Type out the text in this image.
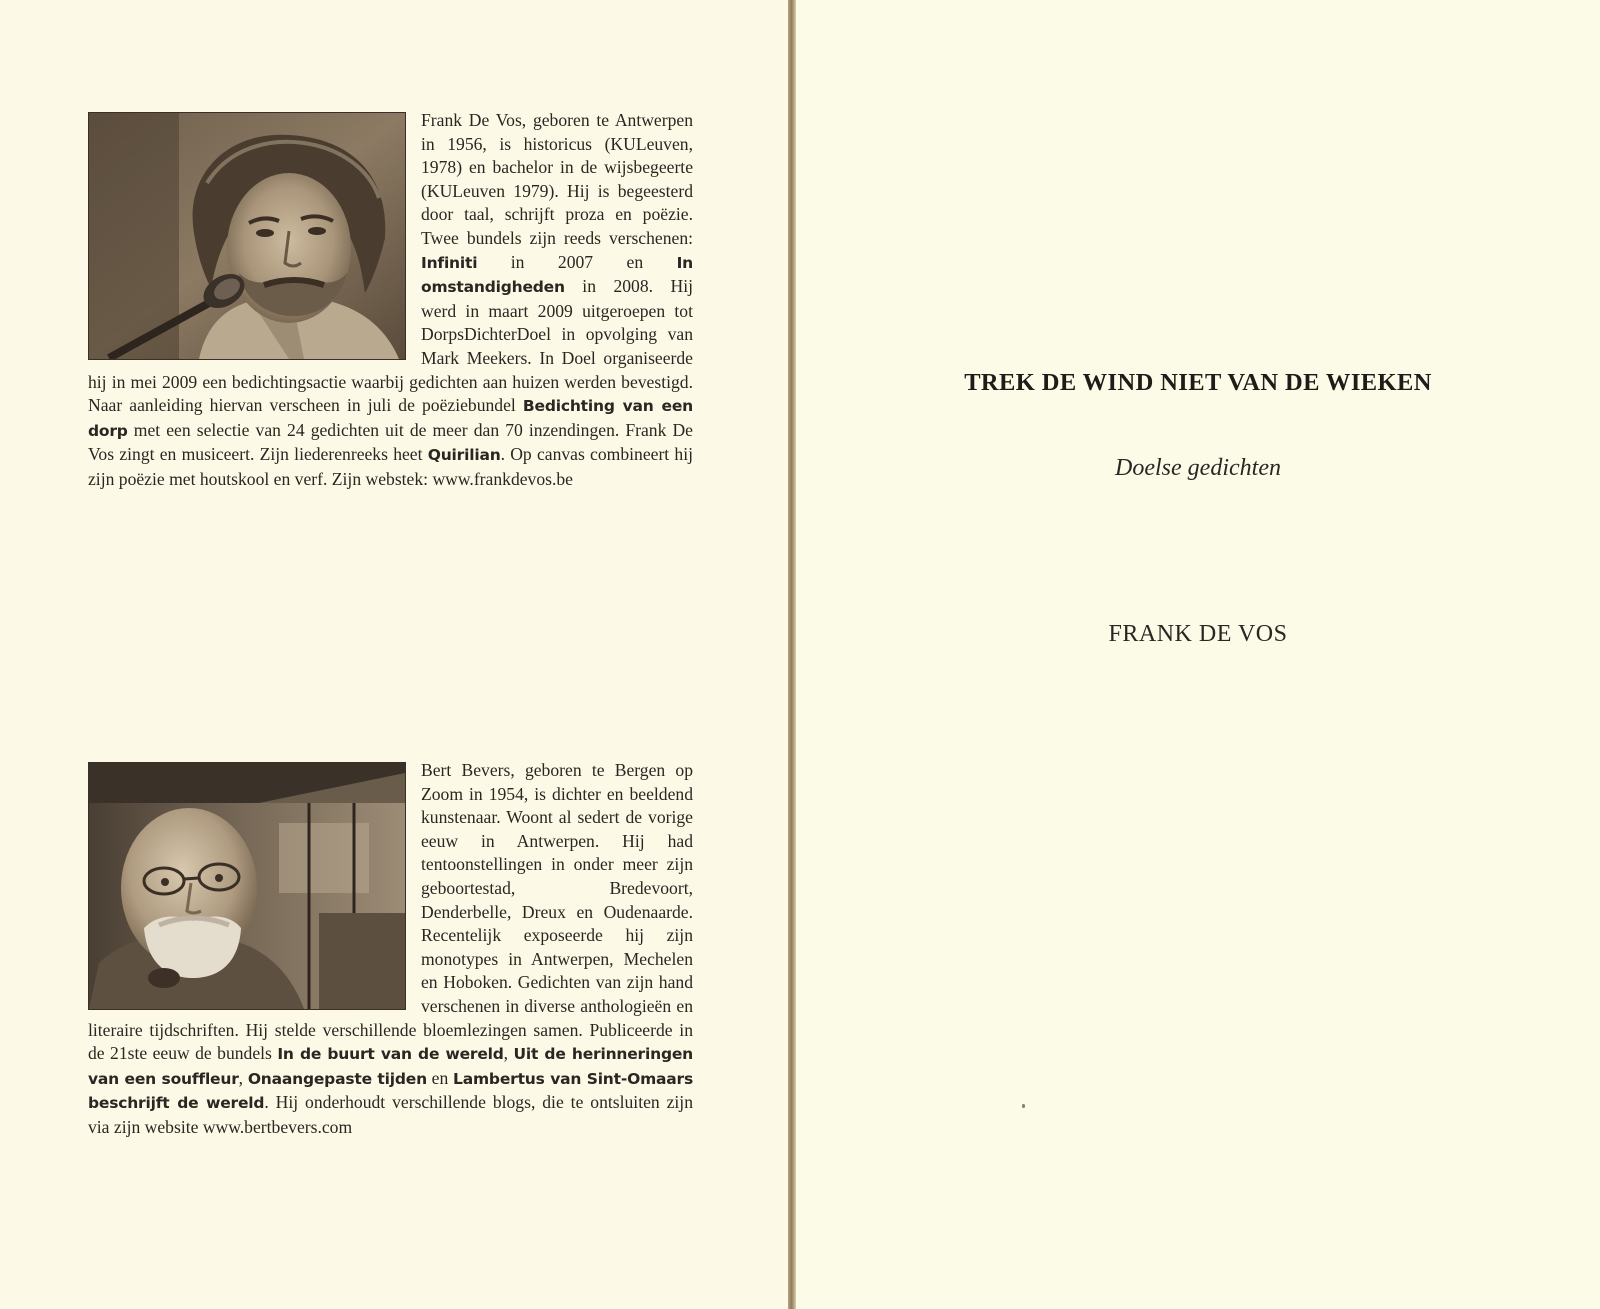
Frank De Vos, geboren te Antwerpen in 1956, is historicus (KULeuven, 1978) en bachelor in de wijsbegeerte (KULeuven 1979). Hij is begeesterd door taal, schrijft proza en poëzie. Twee bundels zijn reeds verschenen: Infiniti in 2007 en In omstandigheden in 2008. Hij werd in maart 2009 uitgeroepen tot DorpsDichterDoel in opvolging van Mark Meekers. In Doel organiseerde hij in mei 2009 een bedichtingsactie waarbij gedichten aan huizen werden bevestigd. Naar aanleiding hiervan verscheen in juli de poëziebundel Bedichting van een dorp met een selectie van 24 gedichten uit de meer dan 70 inzendingen. Frank De Vos zingt en musiceert. Zijn liederenreeks heet Quirilian. Op canvas combineert hij zijn poëzie met houtskool en verf. Zijn webstek: www.frankdevos.be
Bert Bevers, geboren te Bergen op Zoom in 1954, is dichter en beeldend kunstenaar. Woont al sedert de vorige eeuw in Antwerpen. Hij had tentoonstellingen in onder meer zijn geboortestad, Bredevoort, Denderbelle, Dreux en Oudenaarde. Recentelijk exposeerde hij zijn monotypes in Antwerpen, Mechelen en Hoboken. Gedichten van zijn hand verschenen in diverse anthologieën en literaire tijdschriften. Hij stelde verschillende bloemlezingen samen. Publiceerde in de 21ste eeuw de bundels In de buurt van de wereld, Uit de herinneringen van een souffleur, Onaangepaste tijden en Lambertus van Sint-Omaars beschrijft de wereld. Hij onderhoudt verschillende blogs, die te ontsluiten zijn via zijn website www.bertbevers.com
TREK DE WIND NIET VAN DE WIEKEN
Doelse gedichten
FRANK DE VOS
